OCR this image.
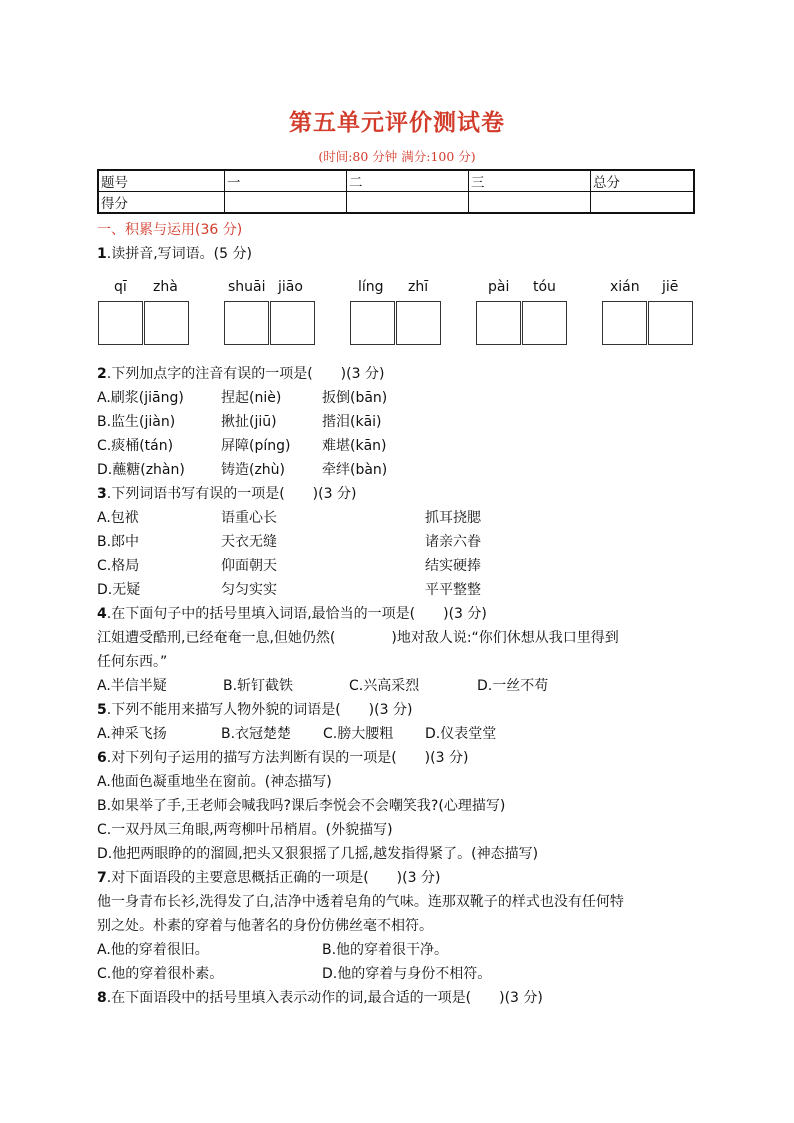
第五单元评价测试卷
(时间:80 分钟 满分:100 分)
题号	一	二	三	总分
得分				
一、积累与运用(36 分)
1.读拼音,写词语。(5 分)
qī zhà	shuāi jiāo	líng zhī	pài tóu	xián jiē
2.下列加点字的注音有误的一项是(　　)(3 分)
A.刷浆(jiāng)	捏起(niè)	扳倒(bān)
B.监生(jiàn)	揪扯(jiū)	揩泪(kāi)
C.痰桶(tán)	屏障(píng) 难堪(kān)
D.蘸糖(zhàn)	铸造(zhù)	牵绊(bàn)
3.下列词语书写有误的一项是(　　)(3 分)
A.包袱	语重心长	抓耳挠腮
B.郎中	天衣无缝	诸亲六眷
C.格局	仰面朝天	结实硬捧
D.无疑	匀匀实实	平平整整
4.在下面句子中的括号里填入词语,最恰当的一项是(　　)(3 分)
江姐遭受酷刑,已经奄奄一息,但她仍然(　　　　)地对敌人说:“你们休想从我口里得到
任何东西。”
A.半信半疑	B.斩钉截铁	C.兴高采烈	D.一丝不苟
5.下列不能用来描写人物外貌的词语是(　　)(3 分)
A.神采飞扬	B.衣冠楚楚 C.膀大腰粗 D.仪表堂堂
6.对下列句子运用的描写方法判断有误的一项是(　　)(3 分)
A.他面色凝重地坐在窗前。(神态描写)
B.如果举了手,王老师会喊我吗?课后李悦会不会嘲笑我?(心理描写)
C.一双丹凤三角眼,两弯柳叶吊梢眉。(外貌描写)
D.他把两眼睁的的溜圆,把头又狠狠摇了几摇,越发指得紧了。(神态描写)
7.对下面语段的主要意思概括正确的一项是(　　)(3 分)
他一身青布长衫,洗得发了白,洁净中透着皂角的气味。连那双靴子的样式也没有任何特
别之处。朴素的穿着与他著名的身份仿佛丝毫不相符。
A.他的穿着很旧。	B.他的穿着很干净。
C.他的穿着很朴素。	D.他的穿着与身份不相符。
8.在下面语段中的括号里填入表示动作的词,最合适的一项是(　　)(3 分)
